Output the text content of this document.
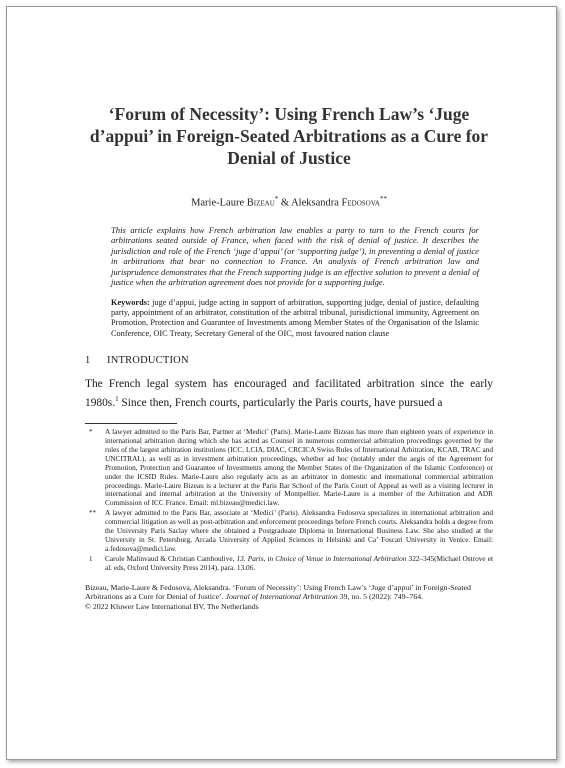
‘Forum of Necessity’: Using French Law’s ‘Juge d’appui’ in Foreign-Seated Arbitrations as a Cure for Denial of Justice
Marie-Laure Bizeau* & Aleksandra Fedosova**

This article explains how French arbitration law enables a party to turn to the French courts for arbitrations seated outside of France, when faced with the risk of denial of justice. It describes the jurisdiction and role of the French ‘juge d’appui’ (or ‘supporting judge’), in preventing a denial of justice in arbitrations that bear no connection to France. An analysis of French arbitration law and jurisprudence demonstrates that the French supporting judge is an effective solution to prevent a denial of justice when the arbitration agreement does not provide for a supporting judge.

Keywords: juge d’appui, judge acting in support of arbitration, supporting judge, denial of justice, defaulting party, appointment of an arbitrator, constitution of the arbitral tribunal, jurisdictional immunity, Agreement on Promotion, Protection and Guarantee of Investments among Member States of the Organisation of the Islamic Conference, OIC Treaty, Secretary General of the OIC, most favoured nation clause

1 INTRODUCTION

The French legal system has encouraged and facilitated arbitration since the early 1980s.$^1$ Since then, French courts, particularly the Paris courts, have pursued a

* A lawyer admitted to the Paris Bar, Partner at ‘Medici’ (Paris). Marie-Laure Bizeau has more than eighteen years of experience in international arbitration during which she has acted as Counsel in numerous commercial arbitration proceedings governed by the rules of the largest arbitration institutions (ICC, LCIA, DIAC, CRCICA Swiss Rules of International Arbitration, KCAB, TRAC and UNCITRAL), as well as in investment arbitration proceedings, whether ad hoc (notably under the aegis of the Agreement for Promotion, Protection and Guarantee of Investments among the Member States of the Organization of the Islamic Conference) or under the ICSID Rules. Marie-Laure also regularly acts as an arbitrator in domestic and international commercial arbitration proceedings. Marie-Laure Bizeau is a lecturer at the Paris Bar School of the Paris Court of Appeal as well as a visiting lecturer in international and internal arbitration at the University of Montpellier. Marie-Laure is a member of the Arbitration and ADR Commission of ICC France. Email: ml.bizeau@medici.law.
** A lawyer admitted to the Paris Bar, associate at ‘Medici’ (Paris). Aleksandra Fedosova specializes in international arbitration and commercial litigation as well as post-arbitration and enforcement proceedings before French courts. Aleksandra holds a degree from the University Paris Saclay where she obtained a Postgraduate Diploma in International Business Law. She also studied at the University in St. Petersburg, Arcada University of Applied Sciences in Helsinki and Ca’ Foscari University in Venice. Email: a.fedosova@medici.law.
1 Carole Malinvaud & Christian Camboulive, 13. Paris, in Choice of Venue in International Arbitration 322–345(Michael Ostrove et al. eds, Oxford University Press 2014), para. 13.06.
Bizeau, Marie-Laure & Fedosova, Aleksandra. ‘Forum of Necessity’: Using French Law’s ‘Juge d’appui’ in Foreign-Seated Arbitrations as a Cure for Denial of Justice’. Journal of International Arbitration 39, no. 5 (2022): 749–764.
© 2022 Kluwer Law International BV, The Netherlands
